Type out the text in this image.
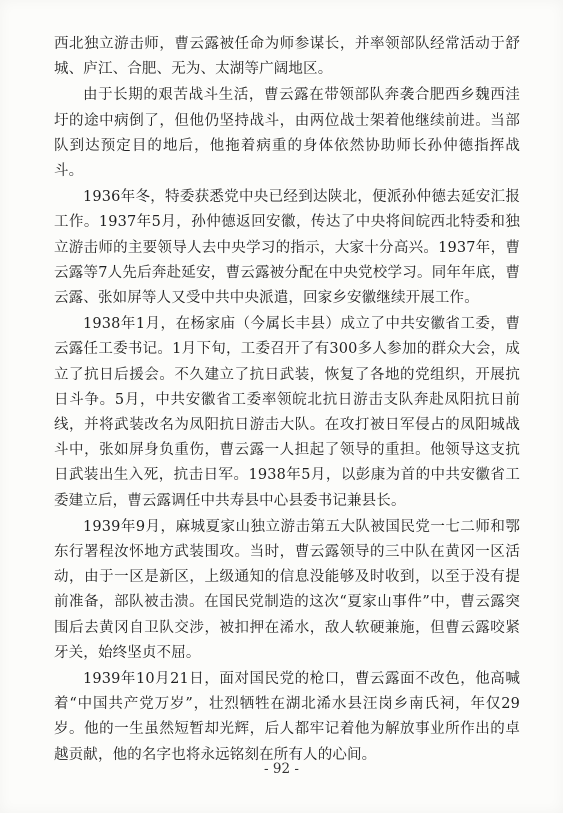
西北独立游击师，曹云露被任命为师参谋长，并率领部队经常活动于舒城、庐江、合肥、无为、太湖等广阔地区。

由于长期的艰苦战斗生活，曹云露在带领部队奔袭合肥西乡魏西洼圩的途中病倒了，但他仍坚持战斗，由两位战士架着他继续前进。当部队到达预定目的地后，他拖着病重的身体依然协助师长孙仲德指挥战斗。

1936年冬，特委获悉党中央已经到达陕北，便派孙仲德去延安汇报工作。1937年5月，孙仲德返回安徽，传达了中央将间皖西北特委和独立游击师的主要领导人去中央学习的指示，大家十分高兴。1937年，曹云露等7人先后奔赴延安，曹云露被分配在中央党校学习。同年年底，曹云露、张如屏等人又受中共中央派遣，回家乡安徽继续开展工作。

1938年1月，在杨家庙（今属长丰县）成立了中共安徽省工委，曹云露任工委书记。1月下旬，工委召开了有300多人参加的群众大会，成立了抗日后援会。不久建立了抗日武装，恢复了各地的党组织，开展抗日斗争。5月，中共安徽省工委率领皖北抗日游击支队奔赴凤阳抗日前线，并将武装改名为凤阳抗日游击大队。在攻打被日军侵占的凤阳城战斗中，张如屏身负重伤，曹云露一人担起了领导的重担。他领导这支抗日武装出生入死，抗击日军。1938年5月，以彭康为首的中共安徽省工委建立后，曹云露调任中共寿县中心县委书记兼县长。

1939年9月，麻城夏家山独立游击第五大队被国民党一七二师和鄂东行署程汝怀地方武装围攻。当时，曹云露领导的三中队在黄冈一区活动，由于一区是新区，上级通知的信息没能够及时收到，以至于没有提前准备，部队被击溃。在国民党制造的这次“夏家山事件”中，曹云露突围后去黄冈自卫队交涉，被扣押在浠水，敌人软硬兼施，但曹云露咬紧牙关，始终坚贞不屈。

1939年10月21日，面对国民党的枪口，曹云露面不改色，他高喊着“中国共产党万岁”，壮烈牺牲在湖北浠水县汪岗乡南氏祠，年仅29岁。他的一生虽然短暂却光辉，后人都牢记着他为解放事业所作出的卓越贡献，他的名字也将永远铭刻在所有人的心间。

- 92 -
